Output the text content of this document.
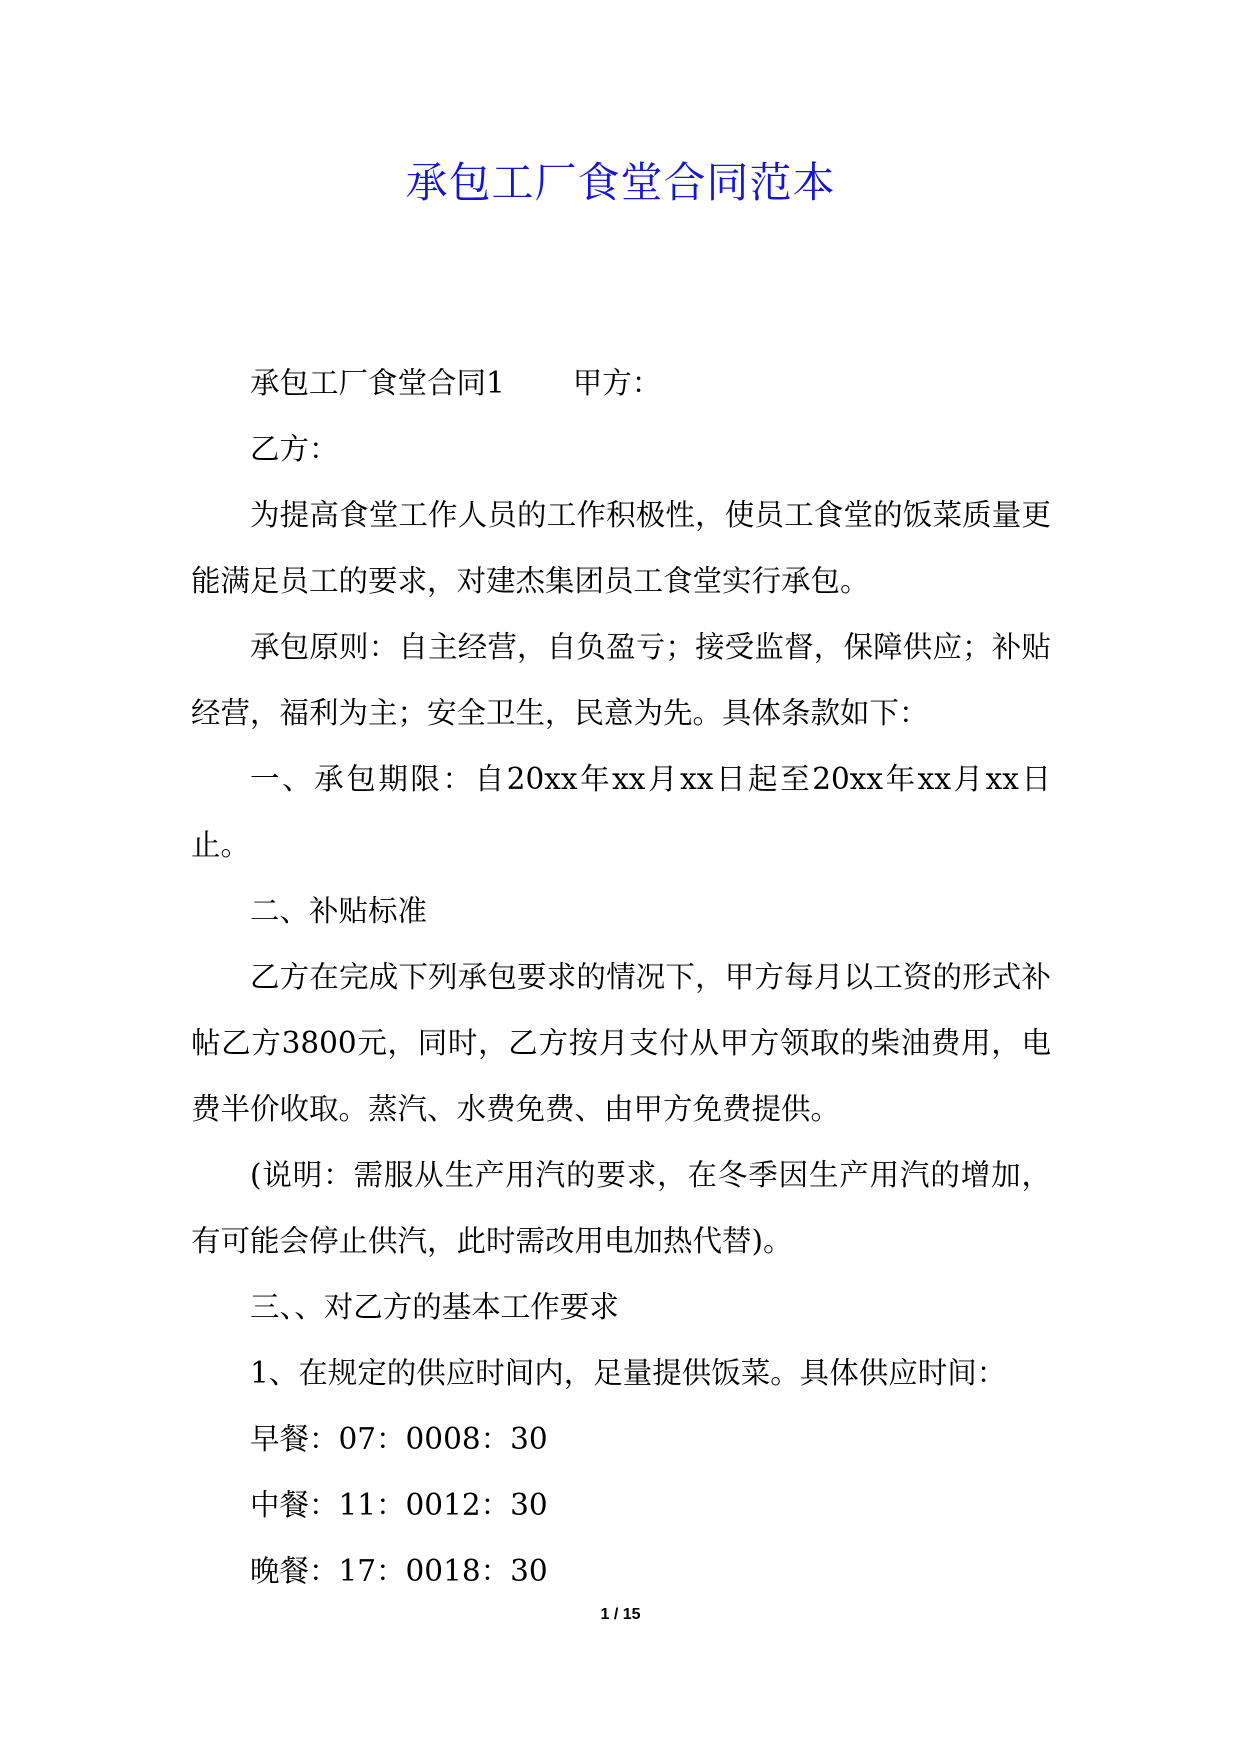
承包工厂食堂合同范本

承包工厂食堂合同1 甲方：

乙方：

为提高食堂工作人员的工作积极性，使员工食堂的饭菜质量更能满足员工的要求，对建杰集团员工食堂实行承包。

承包原则：自主经营，自负盈亏；接受监督，保障供应；补贴经营，福利为主；安全卫生，民意为先。具体条款如下：

一、承包期限：自20xx年xx月xx日起至20xx年xx月xx日止。

二、补贴标准

乙方在完成下列承包要求的情况下，甲方每月以工资的形式补帖乙方3800元，同时，乙方按月支付从甲方领取的柴油费用，电费半价收取。蒸汽、水费免费、由甲方免费提供。

(说明：需服从生产用汽的要求，在冬季因生产用汽的增加，有可能会停止供汽，此时需改用电加热代替)。

三、、对乙方的基本工作要求

1、在规定的供应时间内，足量提供饭菜。具体供应时间：

早餐：07：0008：30

中餐：11：0012：30

晚餐：17：0018：30

1 / 15
